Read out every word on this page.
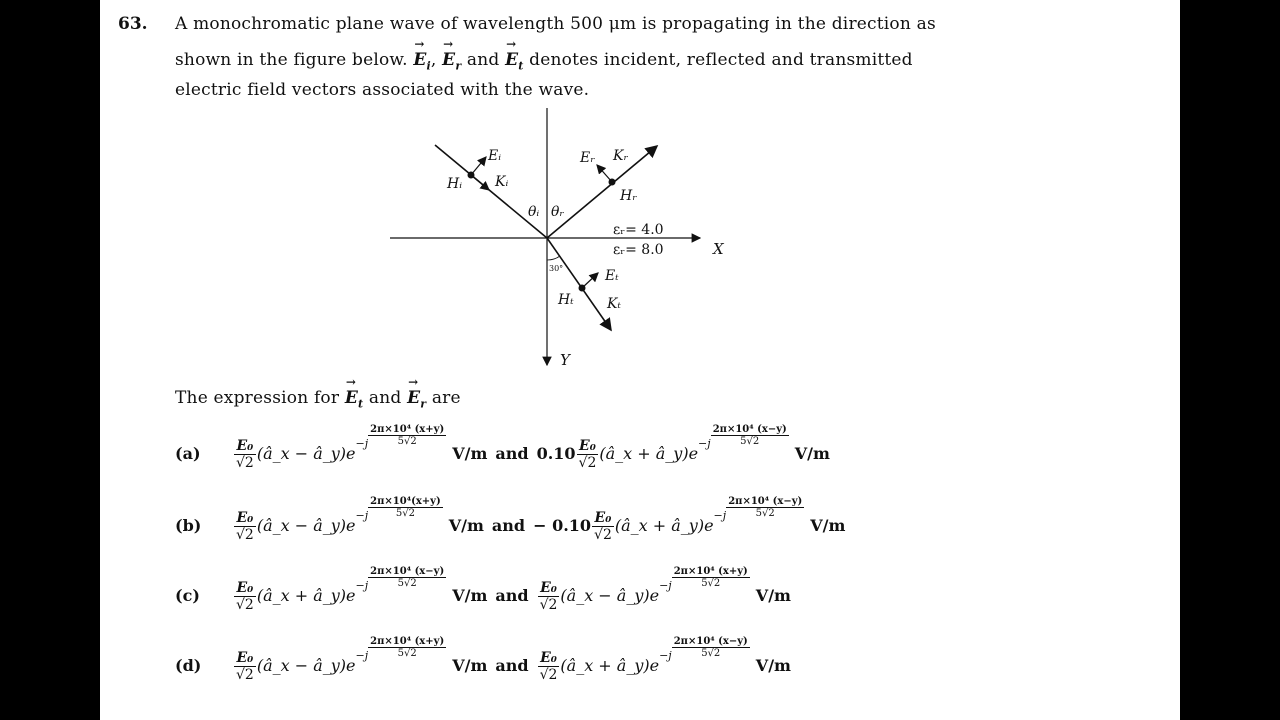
63. A monochromatic plane wave of wavelength 500 μm is propagating in the direction as
shown in the figure below. → $E_i$, → $E_r$ and → $E_t$ denotes incident, reflected and transmitted
electric field vectors associated with the wave.
Eᵢ
Kᵢ
Hᵢ
Eᵣ Kᵣ
Hᵣ
θᵢ θᵣ
εᵣ= 4.0
εᵣ= 8.0	X
Y
Eₜ
Hₜ Kₜ
30°
The expression for → $E_t$ and → $E_r$ are
$(a) \frac{\text{E₀}}{√2}$ (â_x − $â\_y)e^{-j} \frac{\text{2π×10⁴ (x+y)}}{5√2}$
V/m and $0.10 \frac{\text{E₀}}{√2}$ (â_x + $â\_y)e^{-j} \frac{\text{2π×10⁴ (x−y)}}{5√2}$
V/m
$(b) \frac{\text{E₀}}{√2}$ (â_x − $â\_y)e^{-j} \frac{\text{2π×10⁴(x+y)}}{5√2}$
V/m and − $0.10 \frac{\text{E₀}}{√2}$ (â_x + $â\_y)e^{-j} \frac{\text{2π×10⁴ (x−y)}}{5√2}$
V/m
$(c) \frac{\text{E₀}}{√2}$ (â_x + $â\_y)e^{-j} \frac{\text{2π×10⁴ (x−y)}}{5√2}$
V/m and $\frac{\text{E₀}}{√2}$ (â_x − $â\_y)e^{-j} \frac{\text{2π×10⁴ (x+y)}}{5√2}$
V/m
$(d) \frac{\text{E₀}}{√2}$ (â_x − $â\_y)e^{-j} \frac{\text{2π×10⁴ (x+y)}}{5√2}$
V/m and $\frac{\text{E₀}}{√2}$ (â_x + $â\_y)e^{-j} \frac{\text{2π×10⁴ (x−y)}}{5√2}$
V/m
